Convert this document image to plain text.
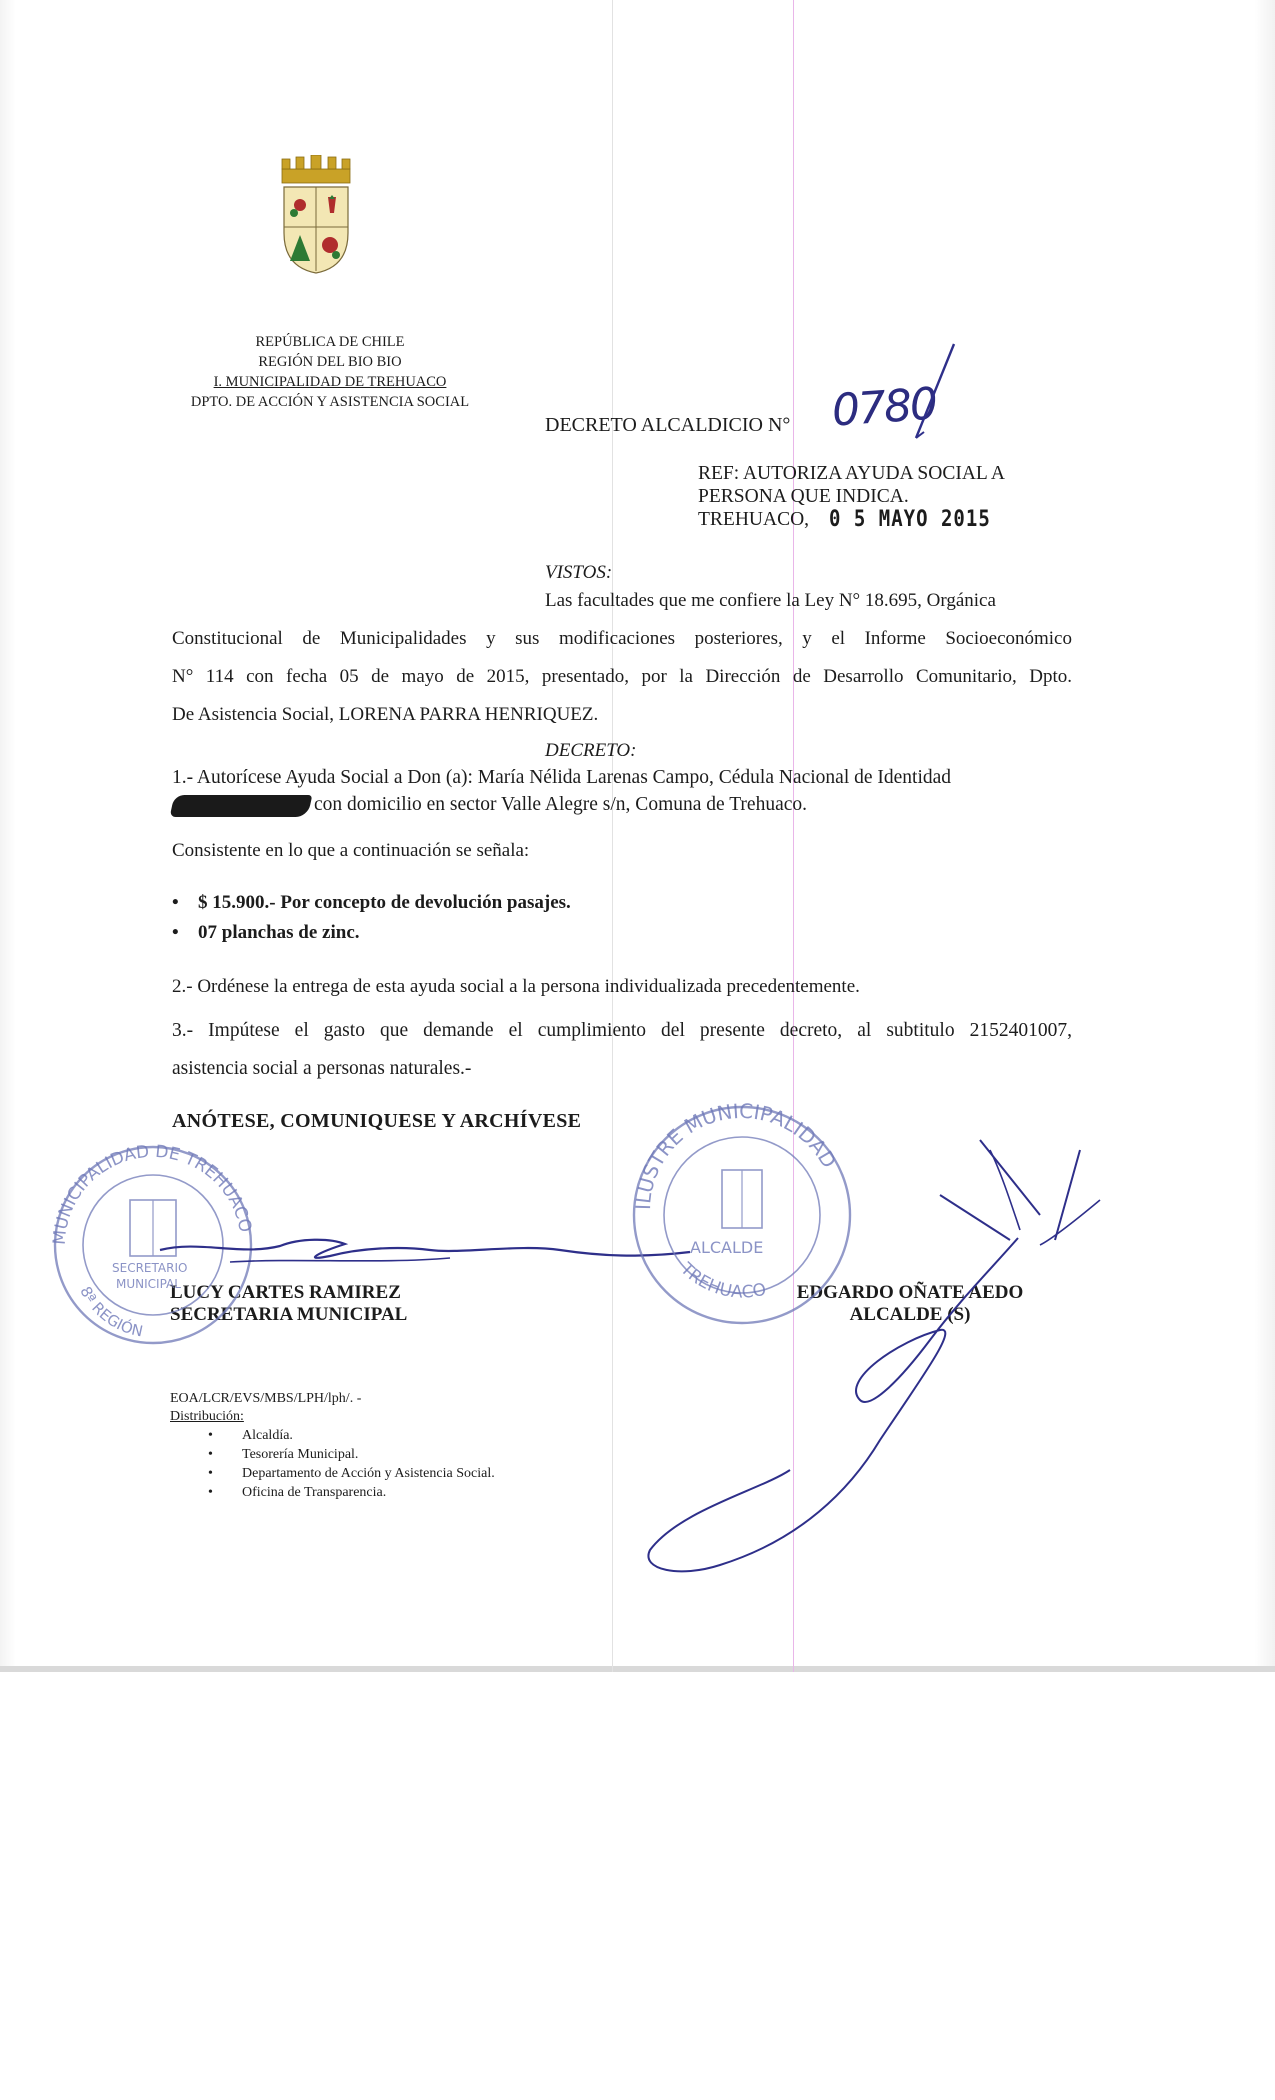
REPÚBLICA DE CHILE
REGIÓN DEL BIO BIO
I. MUNICIPALIDAD DE TREHUACO
DPTO. DE ACCIÓN Y ASISTENCIA SOCIAL
DECRETO ALCALDICIO N° 0780
REF: AUTORIZA AYUDA SOCIAL A
PERSONA QUE INDICA.
TREHUACO, 0 5 MAYO 2015
VISTOS:
Las facultades que me confiere la Ley N° 18.695, Orgánica
Constitucional de Municipalidades y sus modificaciones posteriores, y el Informe Socioeconómico
N° 114 con fecha 05 de mayo de 2015, presentado, por la Dirección de Desarrollo Comunitario, Dpto.
De Asistencia Social, LORENA PARRA HENRIQUEZ.
DECRETO:
1.- Autorícese Ayuda Social a Don (a): María Nélida Larenas Campo, Cédula Nacional de Identidad
con domicilio en sector Valle Alegre s/n, Comuna de Trehuaco.
Consistente en lo que a continuación se señala:
• $ 15.900.- Por concepto de devolución pasajes.
• 07 planchas de zinc.
2.- Ordénese la entrega de esta ayuda social a la persona individualizada precedentemente.
3.- Impútese el gasto que demande el cumplimiento del presente decreto, al subtitulo 2152401007,
asistencia social a personas naturales.-
ANÓTESE, COMUNIQUESE Y ARCHÍVESE
LUCY CARTES RAMIREZ
SECRETARIA MUNICIPAL
EDGARDO OÑATE AEDO
ALCALDE (S)
EOA/LCR/EVS/MBS/LPH/lph/. -
Distribución:
• Alcaldía.
• Tesorería Municipal.
• Departamento de Acción y Asistencia Social.
• Oficina de Transparencia.
MUNICIPALIDAD DE TREHUACO
8ª REGIÓN
SECRETARIO
MUNICIPAL
ILUSTRE MUNICIPALIDAD
TREHUACO
ALCALDE
